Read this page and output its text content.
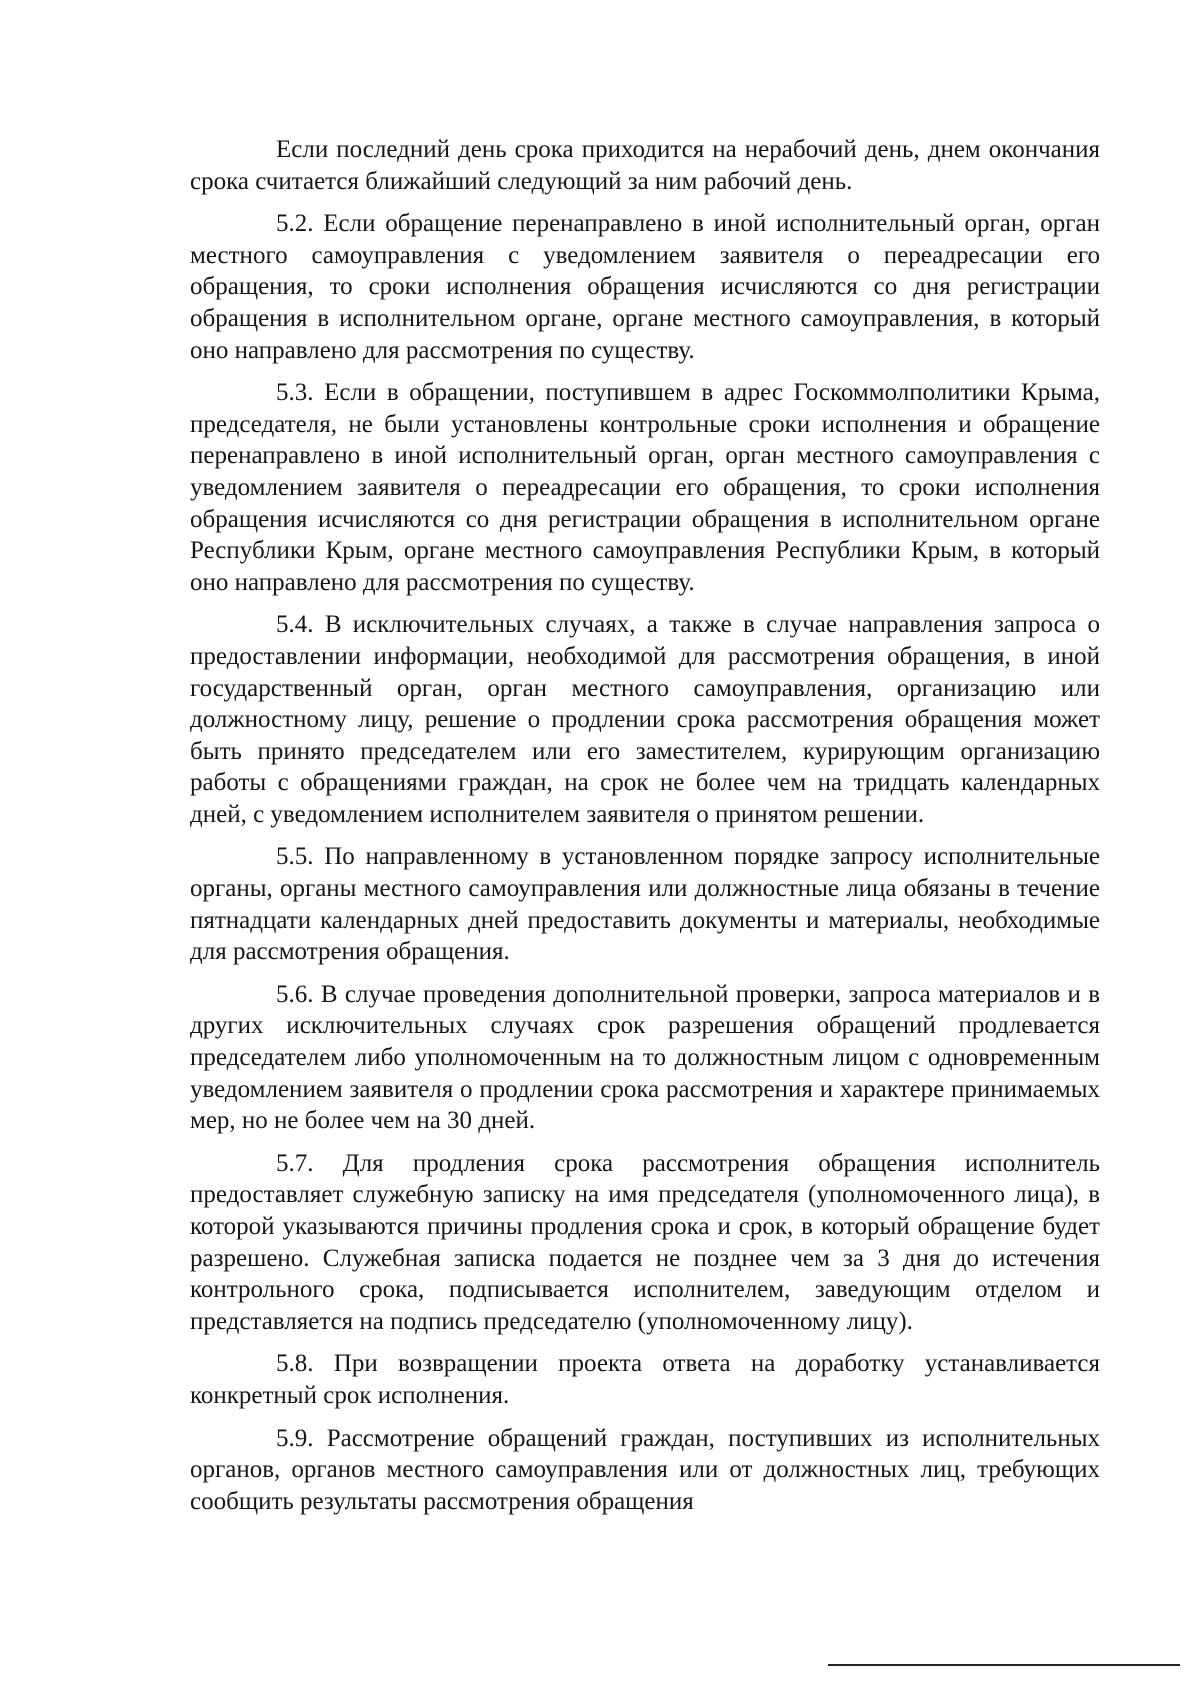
Если последний день срока приходится на нерабочий день, днем окончания срока считается ближайший следующий за ним рабочий день.

5.2. Если обращение перенаправлено в иной исполнительный орган, орган местного самоуправления с уведомлением заявителя о переадресации его обращения, то сроки исполнения обращения исчисляются со дня регистрации обращения в исполнительном органе, органе местного самоуправления, в который оно направлено для рассмотрения по существу.

5.3. Если в обращении, поступившем в адрес Госкоммолполитики Крыма, председателя, не были установлены контрольные сроки исполнения и обращение перенаправлено в иной исполнительный орган, орган местного самоуправления с уведомлением заявителя о переадресации его обращения, то сроки исполнения обращения исчисляются со дня регистрации обращения в исполнительном органе Республики Крым, органе местного самоуправления Республики Крым, в который оно направлено для рассмотрения по существу.

5.4. В исключительных случаях, а также в случае направления запроса о предоставлении информации, необходимой для рассмотрения обращения, в иной государственный орган, орган местного самоуправления, организацию или должностному лицу, решение о продлении срока рассмотрения обращения может быть принято председателем или его заместителем, курирующим организацию работы с обращениями граждан, на срок не более чем на тридцать календарных дней, с уведомлением исполнителем заявителя о принятом решении.

5.5. По направленному в установленном порядке запросу исполнительные органы, органы местного самоуправления или должностные лица обязаны в течение пятнадцати календарных дней предоставить документы и материалы, необходимые для рассмотрения обращения.

5.6. В случае проведения дополнительной проверки, запроса материалов и в других исключительных случаях срок разрешения обращений продлевается председателем либо уполномоченным на то должностным лицом с одновременным уведомлением заявителя о продлении срока рассмотрения и характере принимаемых мер, но не более чем на 30 дней.

5.7. Для продления срока рассмотрения обращения исполнитель предоставляет служебную записку на имя председателя (уполномоченного лица), в которой указываются причины продления срока и срок, в который обращение будет разрешено. Служебная записка подается не позднее чем за 3 дня до истечения контрольного срока, подписывается исполнителем, заведующим отделом и представляется на подпись председателю (уполномоченному лицу).

5.8. При возвращении проекта ответа на доработку устанавливается конкретный срок исполнения.

5.9. Рассмотрение обращений граждан, поступивших из исполнительных органов, органов местного самоуправления или от должностных лиц, требующих сообщить результаты рассмотрения обращения
